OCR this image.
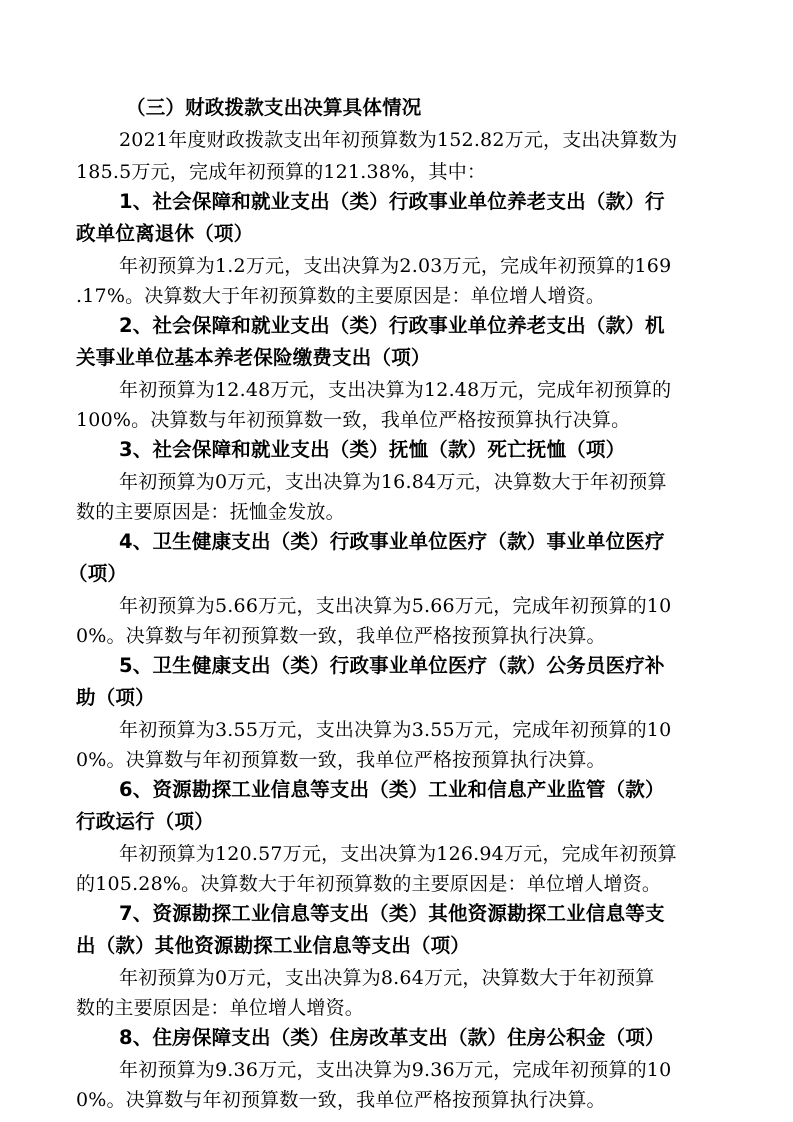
（三）财政拨款支出决算具体情况
2021年度财政拨款支出年初预算数为152.82万元，支出决算数为
185.5万元，完成年初预算的121.38%，其中：
1、社会保障和就业支出（类）行政事业单位养老支出（款）行
政单位离退休（项）
年初预算为1.2万元，支出决算为2.03万元，完成年初预算的169
.17%。决算数大于年初预算数的主要原因是：单位增人增资。
2、社会保障和就业支出（类）行政事业单位养老支出（款）机
关事业单位基本养老保险缴费支出（项）
年初预算为12.48万元，支出决算为12.48万元，完成年初预算的
100%。决算数与年初预算数一致，我单位严格按预算执行决算。
3、社会保障和就业支出（类）抚恤（款）死亡抚恤（项）
年初预算为0万元，支出决算为16.84万元，决算数大于年初预算
数的主要原因是：抚恤金发放。
4、卫生健康支出（类）行政事业单位医疗（款）事业单位医疗
（项）
年初预算为5.66万元，支出决算为5.66万元，完成年初预算的10
0%。决算数与年初预算数一致，我单位严格按预算执行决算。
5、卫生健康支出（类）行政事业单位医疗（款）公务员医疗补
助（项）
年初预算为3.55万元，支出决算为3.55万元，完成年初预算的10
0%。决算数与年初预算数一致，我单位严格按预算执行决算。
6、资源勘探工业信息等支出（类）工业和信息产业监管（款）
行政运行（项）
年初预算为120.57万元，支出决算为126.94万元，完成年初预算
的105.28%。决算数大于年初预算数的主要原因是：单位增人增资。
7、资源勘探工业信息等支出（类）其他资源勘探工业信息等支
出（款）其他资源勘探工业信息等支出（项）
年初预算为0万元，支出决算为8.64万元，决算数大于年初预算
数的主要原因是：单位增人增资。
8、住房保障支出（类）住房改革支出（款）住房公积金（项）
年初预算为9.36万元，支出决算为9.36万元，完成年初预算的10
0%。决算数与年初预算数一致，我单位严格按预算执行决算。
